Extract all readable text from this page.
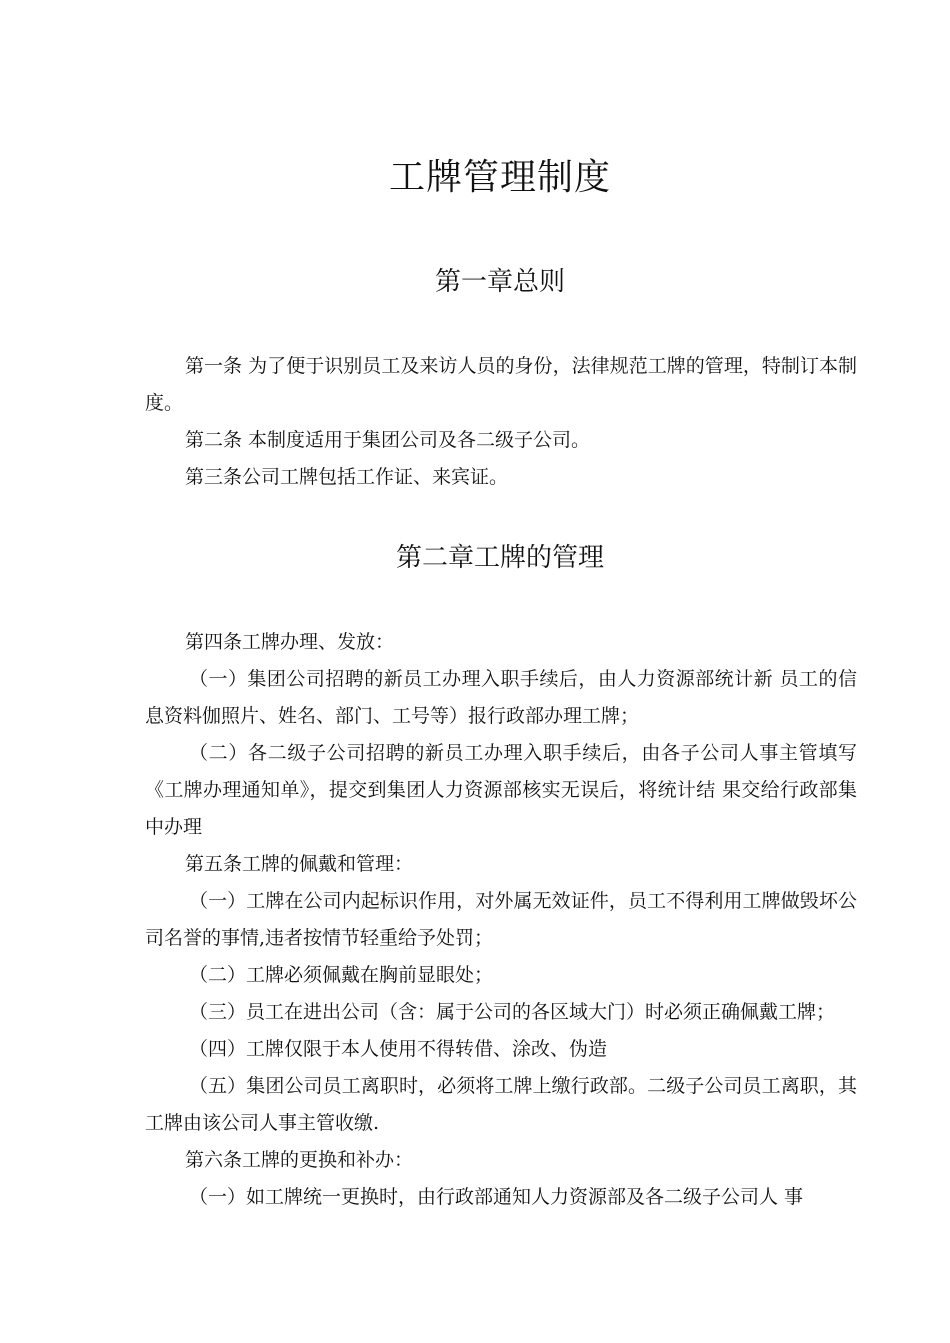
工牌管理制度
第一章总则

第一条 为了便于识别员工及来访人员的身份，法律规范工牌的管理，特制订本制度。

第二条 本制度适用于集团公司及各二级子公司。

第三条公司工牌包括工作证、来宾证。

第二章工牌的管理

第四条工牌办理、发放：

（一）集团公司招聘的新员工办理入职手续后，由人力资源部统计新 员工的信息资料伽照片、姓名、部门、工号等）报行政部办理工牌；

（二）各二级子公司招聘的新员工办理入职手续后，由各子公司人事主管填写《工牌办理通知单》，提交到集团人力资源部核实无误后，将统计结 果交给行政部集中办理

第五条工牌的佩戴和管理：

（一）工牌在公司内起标识作用，对外属无效证件，员工不得利用工牌做毁坏公司名誉的事情,违者按情节轻重给予处罚；

（二）工牌必须佩戴在胸前显眼处；

（三）员工在进出公司（含：属于公司的各区域大门）时必须正确佩戴工牌；

（四）工牌仅限于本人使用不得转借、涂改、伪造

（五）集团公司员工离职时，必须将工牌上缴行政部。二级子公司员工离职，其工牌由该公司人事主管收缴.

第六条工牌的更换和补办：

（一）如工牌统一更换时，由行政部通知人力资源部及各二级子公司人 事
